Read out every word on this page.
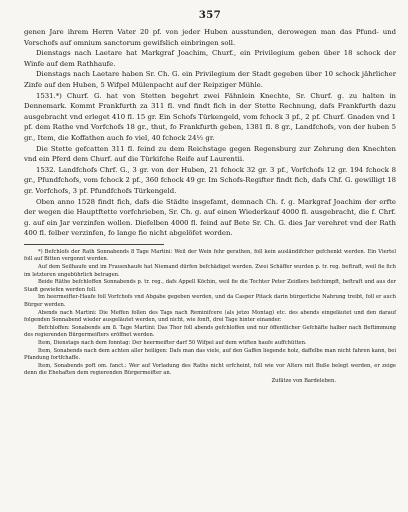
357

genen Jare ihrem Herrn Vater 20 pf. von jeder Huben ausstunden, derowegen man das Pfund- und Vorschofs auf omnium sanctorum gewifslich einbringen soll.

Dienstags nach Laetare hat Markgraf Joachim, Churf., ein Privilegium geben über 18 schock der Winfe auf dem Rathhaufe.

Dienstags nach Laetare haben Sr. Ch. G. ein Privilegium der Stadt gegeben über 10 schock jährlicher Zinfe auf den Huben, 5 Wifpel Mülenpacht auf der Reipziger Mühle.

1531.*) Churf. G. hat von Stetten begehrt zwei Fähnlein Knechte, Sr. Churf. g. zu halten in Dennemark. Kommt Frankfurth za 311 fl. vnd findt fich in der Stette Rechnung, dafs Frankfurth dazu ausgebracht vnd erleget 410 fl. 15 gr. Ein Schofs Türkengeld, vom fchock 3 pf., 2 pf. Churf. Gnaden vnd 1 pf. dem Rathe vnd Vorfchofs 18 gr., thut, fo Frankfurth geben, 1381 fl. 8 gr., Landfchofs, von der huben 5 gr., Item, die Koffathen auch fo viel, 40 fchock 24½ gr.

Die Stette gefcatten 311 fl. feind zu dem Reichstage gegen Regensburg zur Zehrung den Knechten vnd ein Pferd dem Churf. auf die Türkifche Reife auf Laurentii.

1532. Landfchofs Chrf. G., 3 gr. von der Huben, 21 fchock 32 gr. 3 pf., Vorfchofs 12 gr. 194 fchock 8 gr., Pfundfchofs, vom fchock 2 pf., 360 fchock 49 gr. Im Schofs-Regifter findt fich, dafs Chf. G. gewilligt 18 gr. Vorfchofs, 3 pf. Pfundfchofs Türkengeld.

Oben anno 1528 findt fich, dafs die Städte insgefamt, demnach Ch. f. g. Markgraf Joachim der erfte der wegen die Hauptftette vorfchrieben, Sr. Ch. g. auf einen Wiederkauf 4000 fl. ausgebracht, die f. Chrf. g. auf ein Jar verzinfen wollen. Diefelben 4000 fl. feind auf Bete Sr. Ch. G. dies Jar verehret vnd der Rath 400 fl. felber verzinfen, fo lange fie nicht abgelöfet worden.

*) Befchlofs der Rath Sonnabends 8 Tage Martini: Weil der Wein fehr gerathen, foll kein ausländifcher gefchenkt werden. Ein Viertel foll auf Bitten vergonnt werden.

Auf dem Seilhaufe und im Frauenhaufe hat Niemand dürfen befchädiget werden. Zwei Schäffer wurden p. tr. reg. beftraft, weil fie fich im letzteren ungebührlich betragen.

Beide Räthe befchloffen Sonnabends p. tr. reg., dafs Appell Köchin, weil fie die Tochter Peter Zeidlers befchimpft, beftraft und aus der Stadt gewiefen werden foll.

Im heermeifter-Haufe foll Vorfchofs vnd Abgabe gegeben werden, und da Casper Pitack darin bürgerliche Nahrung treibt, foll er auch Bürger werden.

Abends nach Martini: Die Meffen follen des Tags nach Reminifcere (als jetzo Montag) etc. des abends eingeläutet und den darauf folgenden Sonnabend wieder ausgeläutet werden, und nicht, wie fonft, drei Tage hinter einander.

Befchloffen: Sonabends am 8. Tage Martini: Das Thor foll abends gefchloffen und nur öffentlicher Gefchäfte halber nach Beftimmung des regierenden Bürgermeifters eröffnet werden.

Item, Dienstags nach dem fonntag: Der heermeifter darf 50 Wifpel auf dem wüften haufe auffchütten.

Item, Sonabends nach dem achten aller heiligen: Dafs man das viele, auf den Gaffen liegende holz, daffelbe man nicht fahren kann, bei Pfandung fortfchaffe.

Item, Sonabends poft om. fanct.: Wer auf Vorladung des Raths nicht erfcheint, foll wie vor Alters mit Buße belegt werden, er zeige denn die Ehehaften dem regierenden Bürgermeifter an.

Zufätze von Bardeleben.
